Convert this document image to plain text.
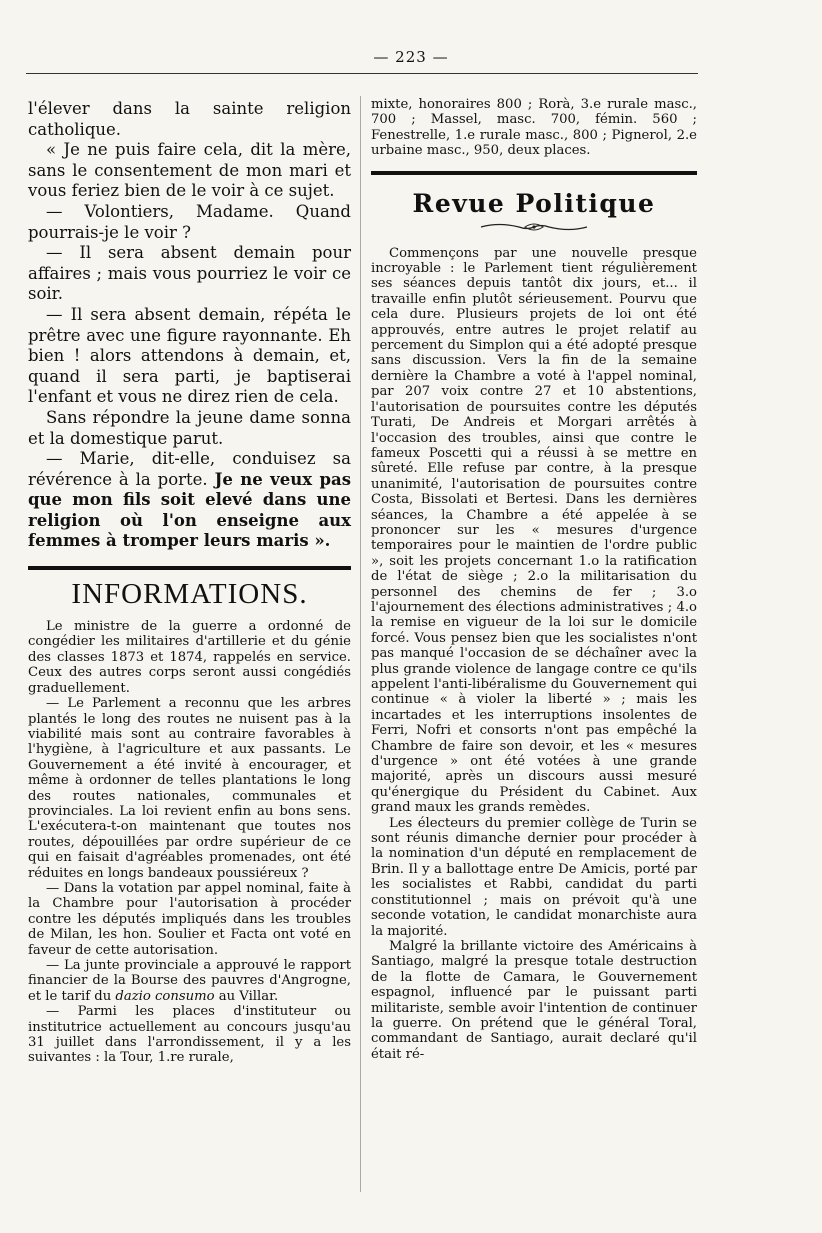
— 223 —

l'élever dans la sainte religion catholique.

« Je ne puis faire cela, dit la mère, sans le consentement de mon mari et vous feriez bien de le voir à ce sujet.

— Volontiers, Madame. Quand pourrais-je le voir ?

— Il sera absent demain pour affaires ; mais vous pourriez le voir ce soir.

— Il sera absent demain, répéta le prêtre avec une figure rayonnante. Eh bien ! alors attendons à demain, et, quand il sera parti, je baptiserai l'enfant et vous ne direz rien de cela.

Sans répondre la jeune dame sonna et la domestique parut.

— Marie, dit-elle, conduisez sa révérence à la porte. Je ne veux pas que mon fils soit elevé dans une religion où l'on enseigne aux femmes à tromper leurs maris ».

INFORMATIONS.

Le ministre de la guerre a ordonné de congédier les militaires d'artillerie et du génie des classes 1873 et 1874, rappelés en service. Ceux des autres corps seront aussi congédiés graduellement.

— Le Parlement a reconnu que les arbres plantés le long des routes ne nuisent pas à la viabilité mais sont au contraire favorables à l'hygiène, à l'agriculture et aux passants. Le Gouvernement a été invité à encourager, et même à ordonner de telles plantations le long des routes nationales, communales et provinciales. La loi revient enfin au bons sens. L'exécutera-t-on maintenant que toutes nos routes, dépouillées par ordre supérieur de ce qui en faisait d'agréables promenades, ont été réduites en longs bandeaux poussiéreux ?

— Dans la votation par appel nominal, faite à la Chambre pour l'autorisation à procéder contre les députés impliqués dans les troubles de Milan, les hon. Soulier et Facta ont voté en faveur de cette autorisation.

— La junte provinciale a approuvé le rapport financier de la Bourse des pauvres d'Angrogne, et le tarif du dazio consumo au Villar.

— Parmi les places d'instituteur ou institutrice actuellement au concours jusqu'au 31 juillet dans l'arrondissement, il y a les suivantes : la Tour, 1.re rurale,

mixte, honoraires 800 ; Rorà, 3.e rurale masc., 700 ; Massel, masc. 700, fémin. 560 ; Fenestrelle, 1.e rurale masc., 800 ; Pignerol, 2.e urbaine masc., 950, deux places.

Revue Politique

Commençons par une nouvelle presque incroyable : le Parlement tient régulièrement ses séances depuis tantôt dix jours, et... il travaille enfin plutôt sérieusement. Pourvu que cela dure. Plusieurs projets de loi ont été approuvés, entre autres le projet relatif au percement du Simplon qui a été adopté presque sans discussion. Vers la fin de la semaine dernière la Chambre a voté à l'appel nominal, par 207 voix contre 27 et 10 abstentions, l'autorisation de poursuites contre les députés Turati, De Andreis et Morgari arrêtés à l'occasion des troubles, ainsi que contre le fameux Poscetti qui a réussi à se mettre en sûreté. Elle refuse par contre, à la presque unanimité, l'autorisation de poursuites contre Costa, Bissolati et Bertesi. Dans les dernières séances, la Chambre a été appelée à se prononcer sur les « mesures d'urgence temporaires pour le maintien de l'ordre public », soit les projets concernant 1.o la ratification de l'état de siège ; 2.o la militarisation du personnel des chemins de fer ; 3.o l'ajournement des élections administratives ; 4.o la remise en vigueur de la loi sur le domicile forcé. Vous pensez bien que les socialistes n'ont pas manqué l'occasion de se déchaîner avec la plus grande violence de langage contre ce qu'ils appelent l'anti-libéralisme du Gouvernement qui continue « à violer la liberté » ; mais les incartades et les interruptions insolentes de Ferri, Nofri et consorts n'ont pas empêché la Chambre de faire son devoir, et les « mesures d'urgence » ont été votées à une grande majorité, après un discours aussi mesuré qu'énergique du Président du Cabinet. Aux grand maux les grands remèdes.

Les électeurs du premier collège de Turin se sont réunis dimanche dernier pour procéder à la nomination d'un député en remplacement de Brin. Il y a ballottage entre De Amicis, porté par les socialistes et Rabbi, candidat du parti constitutionnel ; mais on prévoit qu'à une seconde votation, le candidat monarchiste aura la majorité.

Malgré la brillante victoire des Américains à Santiago, malgré la presque totale destruction de la flotte de Camara, le Gouvernement espagnol, influencé par le puissant parti militariste, semble avoir l'intention de continuer la guerre. On prétend que le général Toral, commandant de Santiago, aurait declaré qu'il était ré-
